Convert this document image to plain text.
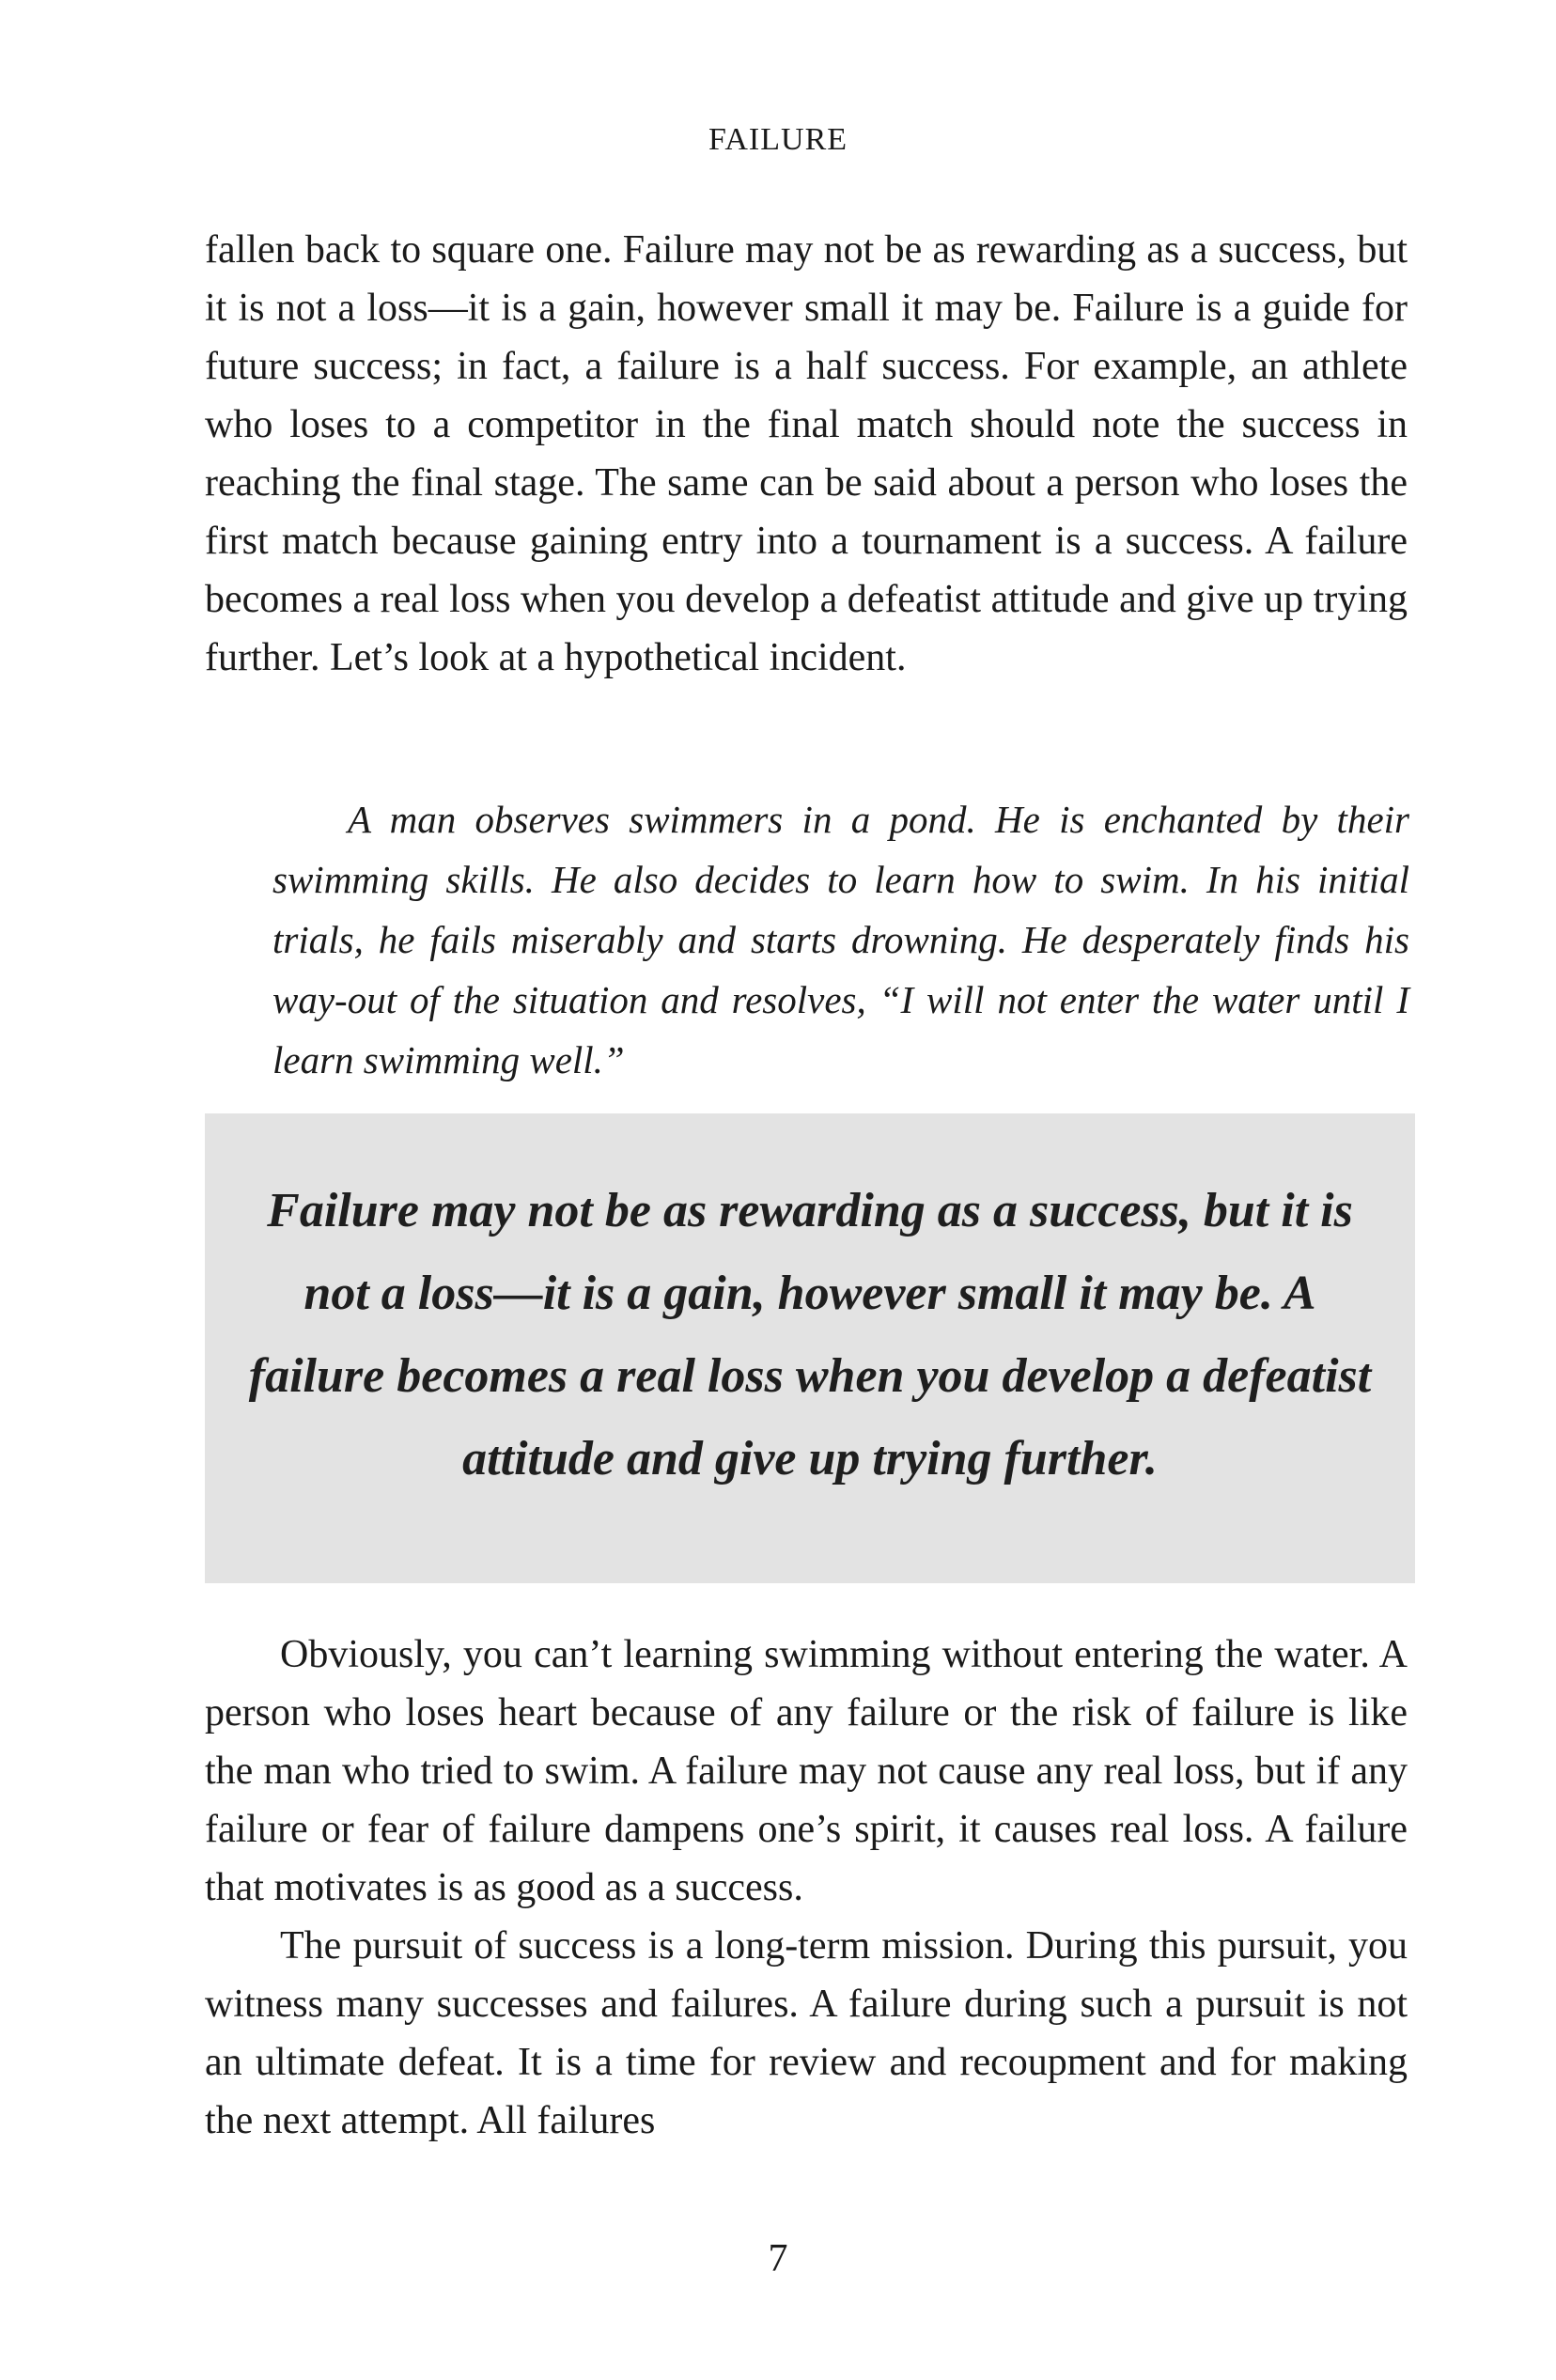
FAILURE

fallen back to square one. Failure may not be as rewarding as a success, but it is not a loss—it is a gain, however small it may be. Failure is a guide for future success; in fact, a failure is a half success. For example, an athlete who loses to a competitor in the final match should note the success in reaching the final stage. The same can be said about a person who loses the first match because gaining entry into a tournament is a success. A failure becomes a real loss when you develop a defeatist attitude and give up trying further. Let’s look at a hypothetical incident.

A man observes swimmers in a pond. He is enchanted by their swimming skills. He also decides to learn how to swim. In his initial trials, he fails miserably and starts drowning. He desperately finds his way-out of the situation and resolves, “I will not enter the water until I learn swimming well.”

Failure may not be as rewarding as a success, but it is not a loss—it is a gain, however small it may be. A failure becomes a real loss when you develop a defeatist attitude and give up trying further.

Obviously, you can’t learning swimming without entering the water. A person who loses heart because of any failure or the risk of failure is like the man who tried to swim. A failure may not cause any real loss, but if any failure or fear of failure dampens one’s spirit, it causes real loss. A failure that motivates is as good as a success.

The pursuit of success is a long-term mission. During this pursuit, you witness many successes and failures. A failure during such a pursuit is not an ultimate defeat. It is a time for review and recoupment and for making the next attempt. All failures

7
